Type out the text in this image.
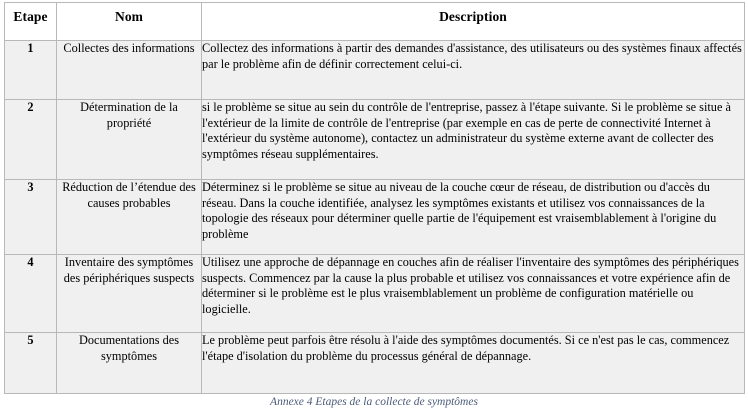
Etape	Nom	Description
1	Collectes des informations	Collectez des informations à partir des demandes d'assistance, des utilisateurs ou des systèmes finaux affectés par le problème afin de définir correctement celui-ci.
2	Détermination de la propriété	si le problème se situe au sein du contrôle de l'entreprise, passez à l'étape suivante. Si le problème se situe à l'extérieur de la limite de contrôle de l'entreprise (par exemple en cas de perte de connectivité Internet à l'extérieur du système autonome), contactez un administrateur du système externe avant de collecter des symptômes réseau supplémentaires.
3	Réduction de l’étendue des causes probables	Déterminez si le problème se situe au niveau de la couche cœur de réseau, de distribution ou d'accès du réseau. Dans la couche identifiée, analysez les symptômes existants et utilisez vos connaissances de la topologie des réseaux pour déterminer quelle partie de l'équipement est vraisemblablement à l'origine du problème
4	Inventaire des symptômes des périphériques suspects	Utilisez une approche de dépannage en couches afin de réaliser l'inventaire des symptômes des périphériques suspects. Commencez par la cause la plus probable et utilisez vos connaissances et votre expérience afin de déterminer si le problème est le plus vraisemblablement un problème de configuration matérielle ou logicielle.
5	Documentations des symptômes	Le problème peut parfois être résolu à l'aide des symptômes documentés. Si ce n'est pas le cas, commencez l'étape d'isolation du problème du processus général de dépannage.
Annexe 4 Etapes de la collecte de symptômes
